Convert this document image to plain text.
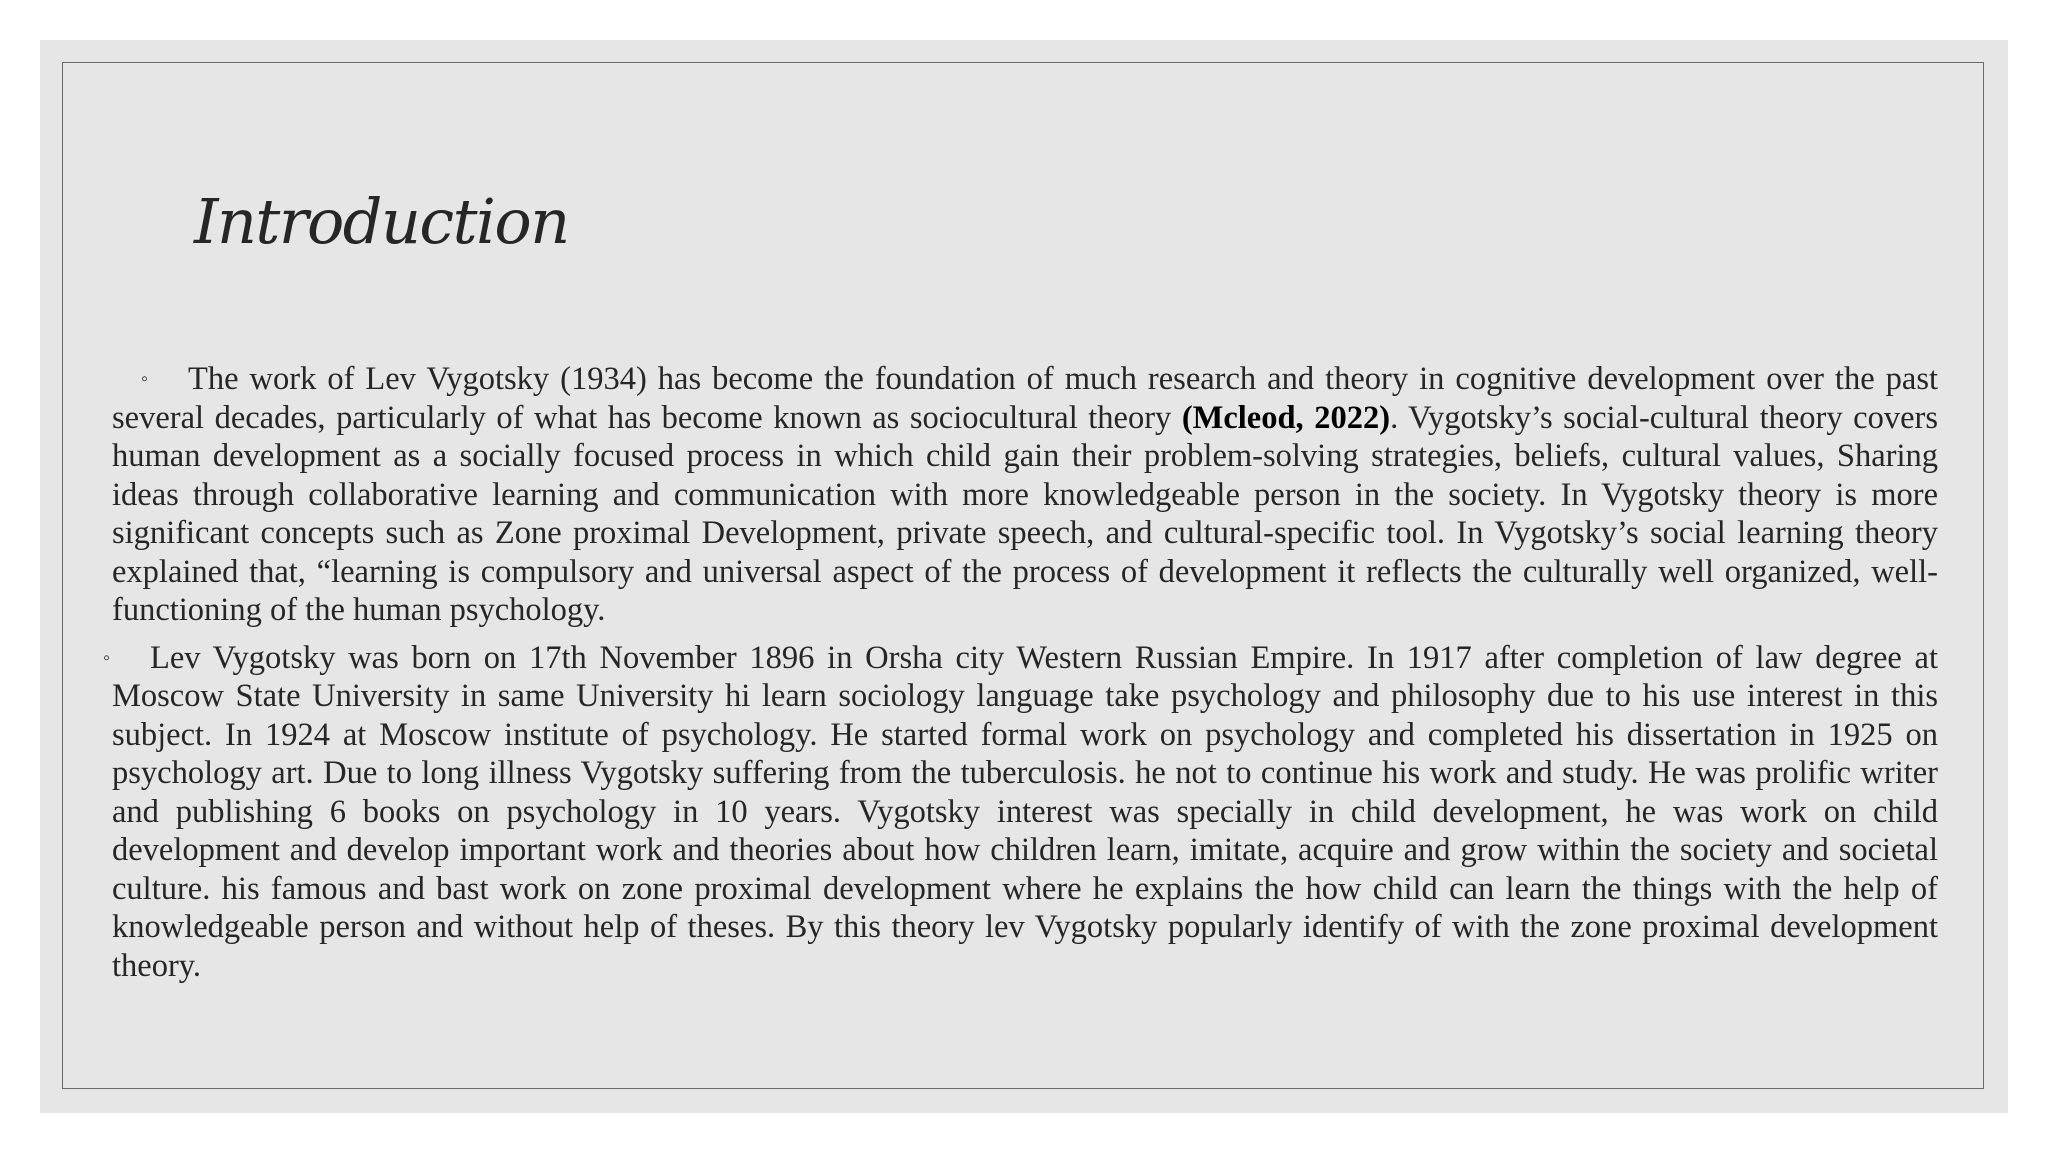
Introduction
◦ The work of Lev Vygotsky (1934) has become the foundation of much research and theory in cognitive development over the past several decades, particularly of what has become known as sociocultural theory (Mcleod, 2022). Vygotsky’s social-cultural theory covers human development as a socially focused process in which child gain their problem-solving strategies, beliefs, cultural values, Sharing ideas through collaborative learning and communication with more knowledgeable person in the society. In Vygotsky theory is more significant concepts such as Zone proximal Development, private speech, and cultural-specific tool. In Vygotsky’s social learning theory explained that, “learning is compulsory and universal aspect of the process of development it reflects the culturally well organized, well-functioning of the human psychology.
◦ Lev Vygotsky was born on 17th November 1896 in Orsha city Western Russian Empire. In 1917 after completion of law degree at Moscow State University in same University hi learn sociology language take psychology and philosophy due to his use interest in this subject. In 1924 at Moscow institute of psychology. He started formal work on psychology and completed his dissertation in 1925 on psychology art. Due to long illness Vygotsky suffering from the tuberculosis. he not to continue his work and study. He was prolific writer and publishing 6 books on psychology in 10 years. Vygotsky interest was specially in child development, he was work on child development and develop important work and theories about how children learn, imitate, acquire and grow within the society and societal culture. his famous and bast work on zone proximal development where he explains the how child can learn the things with the help of knowledgeable person and without help of theses. By this theory lev Vygotsky popularly identify of with the zone proximal development theory.
